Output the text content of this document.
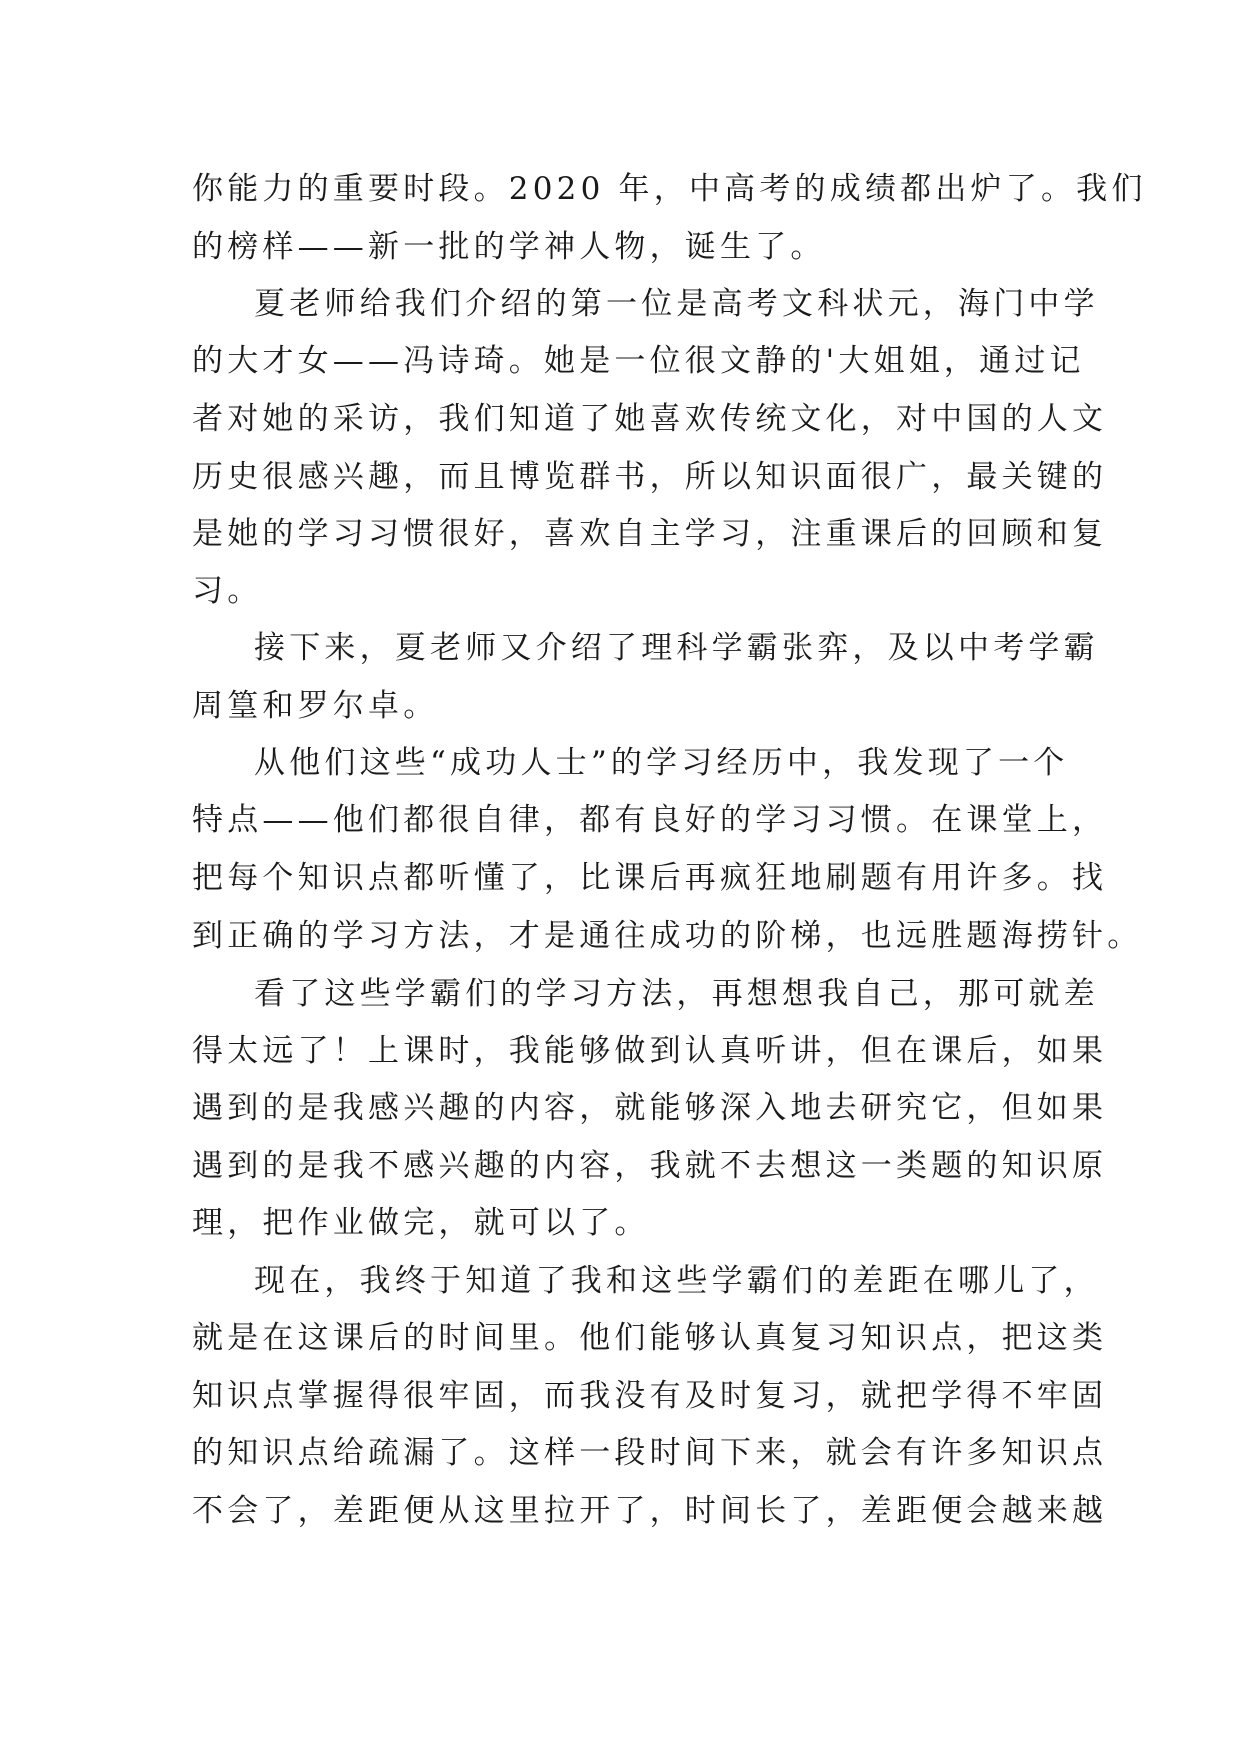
你能力的重要时段。2020 年，中高考的成绩都出炉了。我们
的榜样——新一批的学神人物，诞生了。
夏老师给我们介绍的第一位是高考文科状元，海门中学
的大才女——冯诗琦。她是一位很文静的'大姐姐，通过记
者对她的采访，我们知道了她喜欢传统文化，对中国的人文
历史很感兴趣，而且博览群书，所以知识面很广，最关键的
是她的学习习惯很好，喜欢自主学习，注重课后的回顾和复
习。
接下来，夏老师又介绍了理科学霸张弈，及以中考学霸
周篁和罗尔卓。
从他们这些“成功人士”的学习经历中，我发现了一个
特点——他们都很自律，都有良好的学习习惯。在课堂上，
把每个知识点都听懂了，比课后再疯狂地刷题有用许多。找
到正确的学习方法，才是通往成功的阶梯，也远胜题海捞针。
看了这些学霸们的学习方法，再想想我自己，那可就差
得太远了！上课时，我能够做到认真听讲，但在课后，如果
遇到的是我感兴趣的内容，就能够深入地去研究它，但如果
遇到的是我不感兴趣的内容，我就不去想这一类题的知识原
理，把作业做完，就可以了。
现在，我终于知道了我和这些学霸们的差距在哪儿了，
就是在这课后的时间里。他们能够认真复习知识点，把这类
知识点掌握得很牢固，而我没有及时复习，就把学得不牢固
的知识点给疏漏了。这样一段时间下来，就会有许多知识点
不会了，差距便从这里拉开了，时间长了，差距便会越来越
